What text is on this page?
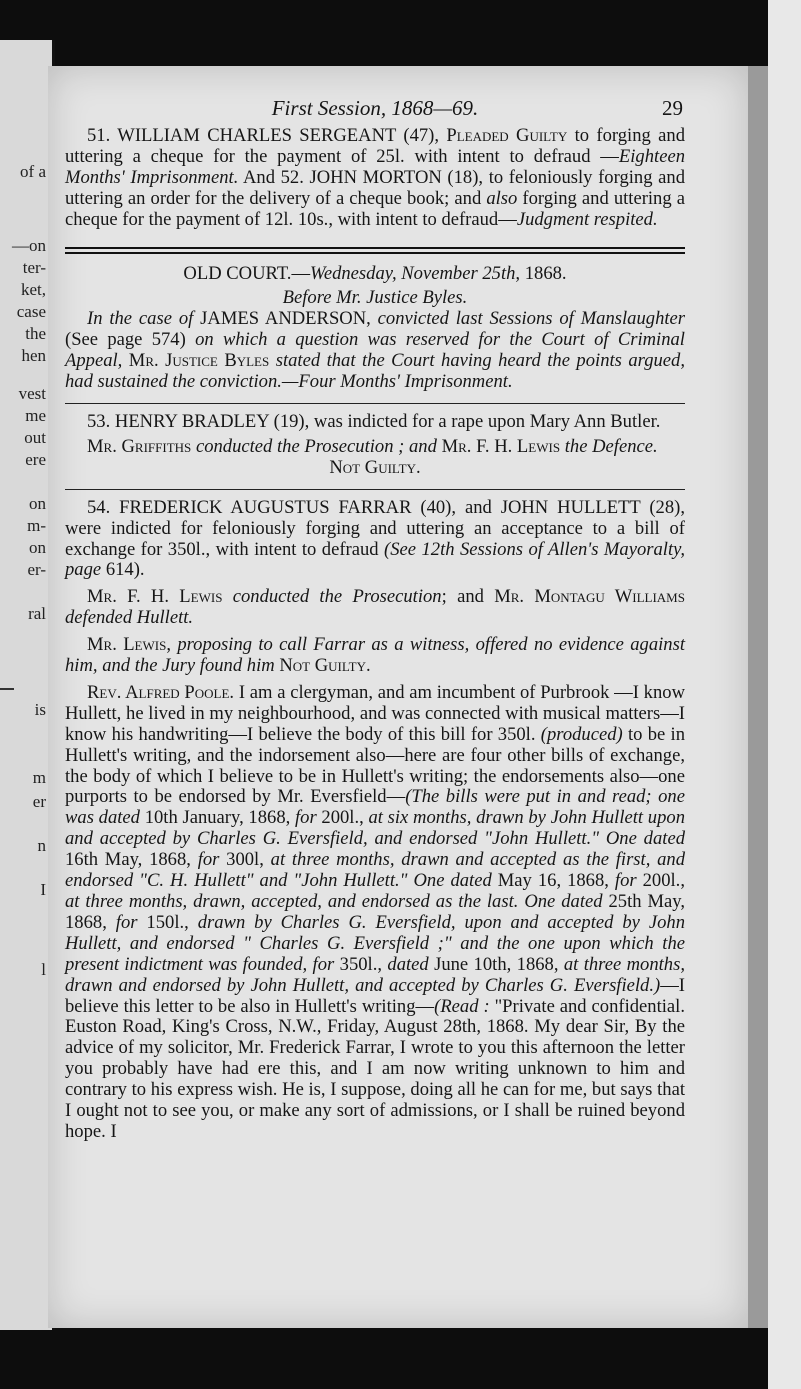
of a
—on
ter-
ket,
case
the
hen
vest
me
out
ere
on
m-
on
er-
ral
is
m
er
n
I
l
First Session, 1868—69.	29

51. WILLIAM CHARLES SERGEANT (47), Pleaded Guilty to forging and uttering a cheque for the payment of 25l. with intent to defraud —Eighteen Months' Imprisonment. And 52. JOHN MORTON (18), to feloniously forging and uttering an order for the delivery of a cheque book; and also forging and uttering a cheque for the payment of 12l. 10s., with intent to defraud—Judgment respited.

OLD COURT.—Wednesday, November 25th, 1868.

Before Mr. Justice Byles.

In the case of JAMES ANDERSON, convicted last Sessions of Manslaughter (See page 574) on which a question was reserved for the Court of Criminal Appeal, Mr. Justice Byles stated that the Court having heard the points argued, had sustained the conviction.—Four Months' Imprisonment.

53. HENRY BRADLEY (19), was indicted for a rape upon Mary Ann Butler.

Mr. Griffiths conducted the Prosecution ; and Mr. F. H. Lewis the Defence.

Not Guilty.

54. FREDERICK AUGUSTUS FARRAR (40), and JOHN HULLETT (28), were indicted for feloniously forging and uttering an acceptance to a bill of exchange for 350l., with intent to defraud (See 12th Sessions of Allen's Mayoralty, page 614).

Mr. F. H. Lewis conducted the Prosecution; and Mr. Montagu Williams defended Hullett.

Mr. Lewis, proposing to call Farrar as a witness, offered no evidence against him, and the Jury found him Not Guilty.

Rev. Alfred Poole. I am a clergyman, and am incumbent of Purbrook —I know Hullett, he lived in my neighbourhood, and was connected with musical matters—I know his handwriting—I believe the body of this bill for 350l. (produced) to be in Hullett's writing, and the indorsement also—here are four other bills of exchange, the body of which I believe to be in Hullett's writing; the endorsements also—one purports to be endorsed by Mr. Eversfield—(The bills were put in and read; one was dated 10th January, 1868, for 200l., at six months, drawn by John Hullett upon and accepted by Charles G. Eversfield, and endorsed "John Hullett." One dated 16th May, 1868, for 300l, at three months, drawn and accepted as the first, and endorsed "C. H. Hullett" and "John Hullett." One dated May 16, 1868, for 200l., at three months, drawn, accepted, and endorsed as the last. One dated 25th May, 1868, for 150l., drawn by Charles G. Eversfield, upon and accepted by John Hullett, and endorsed " Charles G. Eversfield ;" and the one upon which the present indictment was founded, for 350l., dated June 10th, 1868, at three months, drawn and endorsed by John Hullett, and accepted by Charles G. Eversfield.)—I believe this letter to be also in Hullett's writing—(Read : "Private and confidential. Euston Road, King's Cross, N.W., Friday, August 28th, 1868. My dear Sir, By the advice of my solicitor, Mr. Frederick Farrar, I wrote to you this afternoon the letter you probably have had ere this, and I am now writing unknown to him and contrary to his express wish. He is, I suppose, doing all he can for me, but says that I ought not to see you, or make any sort of admissions, or I shall be ruined beyond hope. I
